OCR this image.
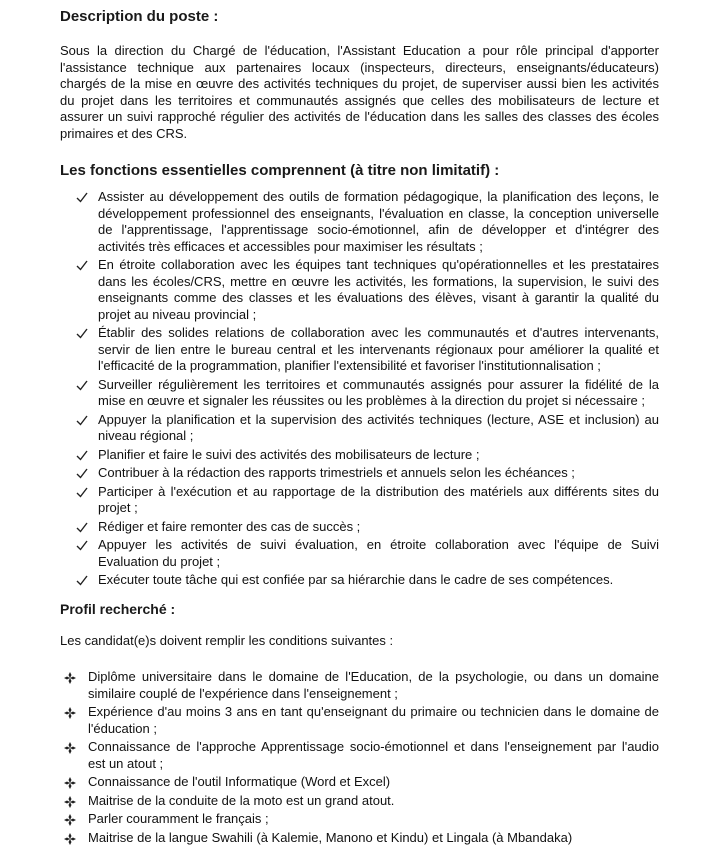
Description du poste :

Sous la direction du Chargé de l'éducation, l'Assistant Education a pour rôle principal d'apporter l'assistance technique aux partenaires locaux (inspecteurs, directeurs, enseignants/éducateurs) chargés de la mise en œuvre des activités techniques du projet, de superviser aussi bien les activités du projet dans les territoires et communautés assignés que celles des mobilisateurs de lecture et assurer un suivi rapproché régulier des activités de l'éducation dans les salles des classes des écoles primaires et des CRS.

Les fonctions essentielles comprennent (à titre non limitatif) :
Assister au développement des outils de formation pédagogique, la planification des leçons, le développement professionnel des enseignants, l'évaluation en classe, la conception universelle de l'apprentissage, l'apprentissage socio-émotionnel, afin de développer et d'intégrer des activités très efficaces et accessibles pour maximiser les résultats ;
En étroite collaboration avec les équipes tant techniques qu'opérationnelles et les prestataires dans les écoles/CRS, mettre en œuvre les activités, les formations, la supervision, le suivi des enseignants comme des classes et les évaluations des élèves, visant à garantir la qualité du projet au niveau provincial ;
Établir des solides relations de collaboration avec les communautés et d'autres intervenants, servir de lien entre le bureau central et les intervenants régionaux pour améliorer la qualité et l'efficacité de la programmation, planifier l'extensibilité et favoriser l'institutionnalisation ;
Surveiller régulièrement les territoires et communautés assignés pour assurer la fidélité de la mise en œuvre et signaler les réussites ou les problèmes à la direction du projet si nécessaire ;
Appuyer la planification et la supervision des activités techniques (lecture, ASE et inclusion) au niveau régional ;
Planifier et faire le suivi des activités des mobilisateurs de lecture ;
Contribuer à la rédaction des rapports trimestriels et annuels selon les échéances ;
Participer à l'exécution et au rapportage de la distribution des matériels aux différents sites du projet ;
Rédiger et faire remonter des cas de succès ;
Appuyer les activités de suivi évaluation, en étroite collaboration avec l'équipe de Suivi Evaluation du projet ;
Exécuter toute tâche qui est confiée par sa hiérarchie dans le cadre de ses compétences.
Profil recherché :

Les candidat(e)s doivent remplir les conditions suivantes :

Diplôme universitaire dans le domaine de l'Education, de la psychologie, ou dans un domaine similaire couplé de l'expérience dans l'enseignement ;
Expérience d'au moins 3 ans en tant qu'enseignant du primaire ou technicien dans le domaine de l'éducation ;
Connaissance de l'approche Apprentissage socio-émotionnel et dans l'enseignement par l'audio est un atout ;
Connaissance de l'outil Informatique (Word et Excel)
Maitrise de la conduite de la moto est un grand atout.
Parler couramment le français ;
Maitrise de la langue Swahili (à Kalemie, Manono et Kindu) et Lingala (à Mbandaka)
